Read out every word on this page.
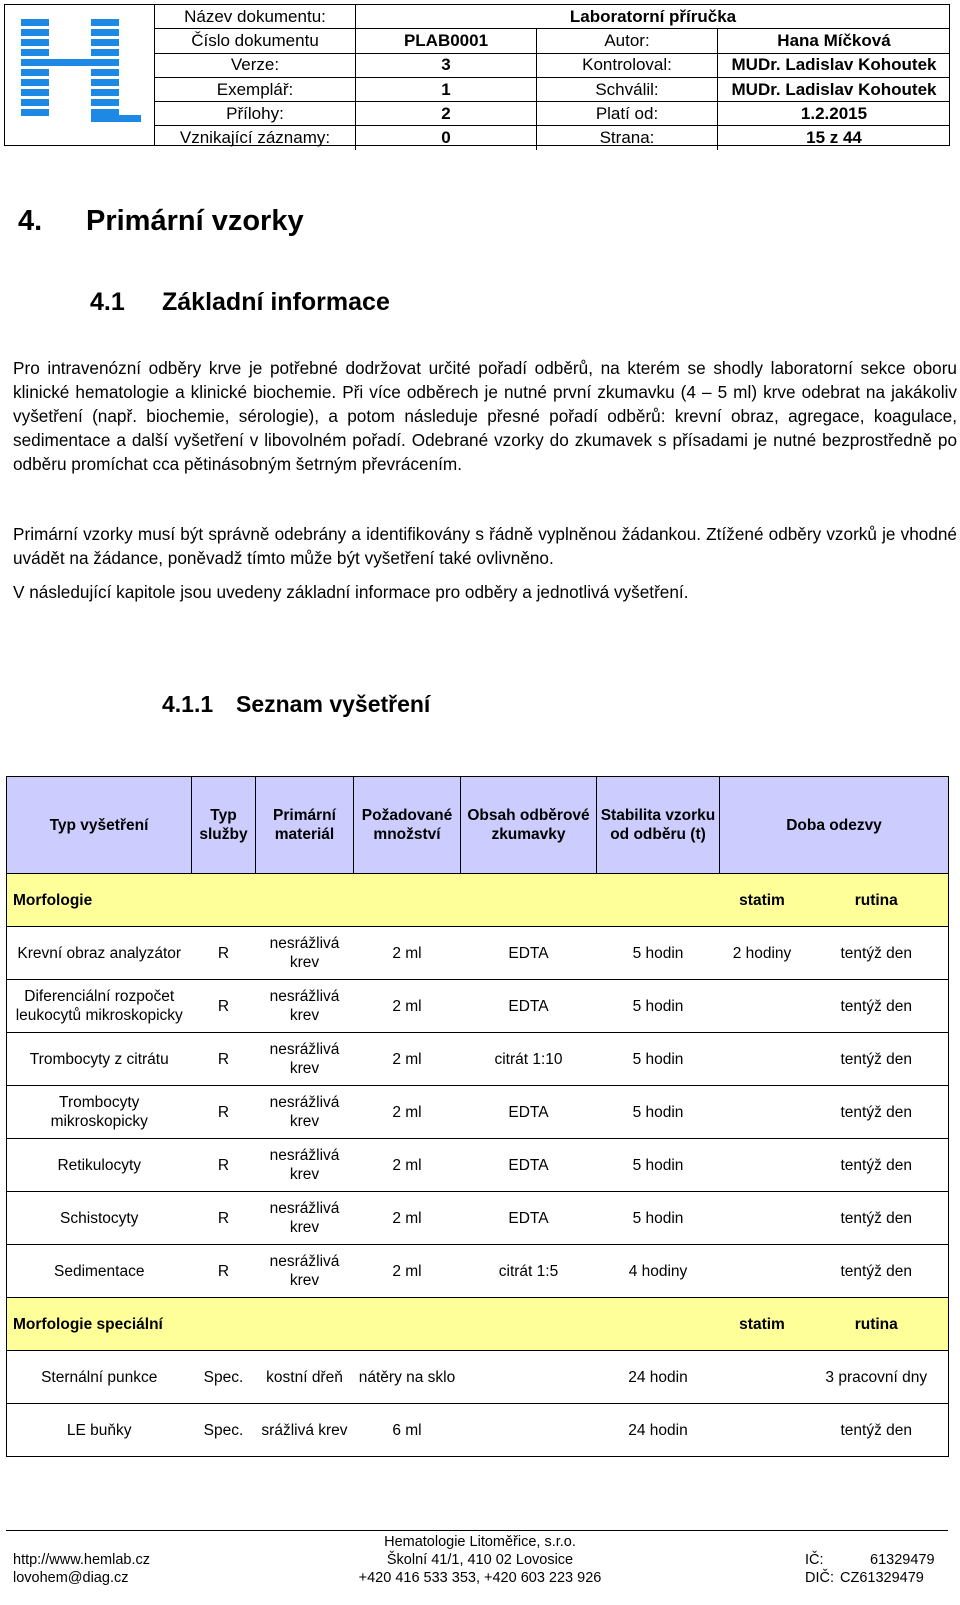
Název dokumentu:	Laboratorní příručka		
Číslo dokumentu	PLAB0001	Autor:	Hana Míčková
Verze:	3	Kontroloval:	MUDr. Ladislav Kohoutek
Exemplář:	1	Schválil:	MUDr. Ladislav Kohoutek
Přílohy:	2	Platí od:	1.2.2015
Vznikající záznamy:	0	Strana:	15 z 44
4. Primární vzorky
4.1 Základní informace

Pro intravenózní odběry krve je potřebné dodržovat určité pořadí odběrů, na kterém se shodly laboratorní sekce oboru klinické hematologie a klinické biochemie. Při více odběrech je nutné první zkumavku (4 – 5 ml) krve odebrat na jakákoliv vyšetření (např. biochemie, sérologie), a potom následuje přesné pořadí odběrů: krevní obraz, agregace, koagulace, sedimentace a další vyšetření v libovolném pořadí. Odebrané vzorky do zkumavek s přísadami je nutné bezprostředně po odběru promíchat cca pětinásobným šetrným převrácením.

Primární vzorky musí být správně odebrány a identifikovány s řádně vyplněnou žádankou. Ztížené odběry vzorků je vhodné uvádět na žádance, poněvadž tímto může být vyšetření také ovlivněno.

V následující kapitole jsou uvedeny základní informace pro odběry a jednotlivá vyšetření.

4.1.1 Seznam vyšetření
Typ vyšetření	Typ služby	Primární materiál	Požadované množství	Obsah odběrové zkumavky	Stabilita vzorku od odběru (t)	Doba odezvy	
Morfologie						statim	rutina
Krevní obraz analyzátor	R	nesrážlivá krev	2 ml	EDTA	5 hodin	2 hodiny	tentýž den
Diferenciální rozpočet leukocytů mikroskopicky	R	nesrážlivá krev	2 ml	EDTA	5 hodin		tentýž den
Trombocyty z citrátu	R	nesrážlivá krev	2 ml	citrát 1:10	5 hodin		tentýž den
Trombocyty mikroskopicky	R	nesrážlivá krev	2 ml	EDTA	5 hodin		tentýž den
Retikulocyty	R	nesrážlivá krev	2 ml	EDTA	5 hodin		tentýž den
Schistocyty	R	nesrážlivá krev	2 ml	EDTA	5 hodin		tentýž den
Sedimentace	R	nesrážlivá krev	2 ml	citrát 1:5	4 hodiny		tentýž den
Morfologie speciální						statim	rutina
Sternální punkce	Spec.	kostní dřeň	nátěry na sklo		24 hodin		3 pracovní dny
LE buňky	Spec.	srážlivá krev	6 ml		24 hodin		tentýž den
Hematologie Litoměřice, s.r.o.
Školní 41/1, 410 02 Lovosice
+420 416 533 353, +420 603 223 926
http://www.hemlab.cz
lovohem@diag.cz
IČ:	61329479
DIČ: CZ61329479
